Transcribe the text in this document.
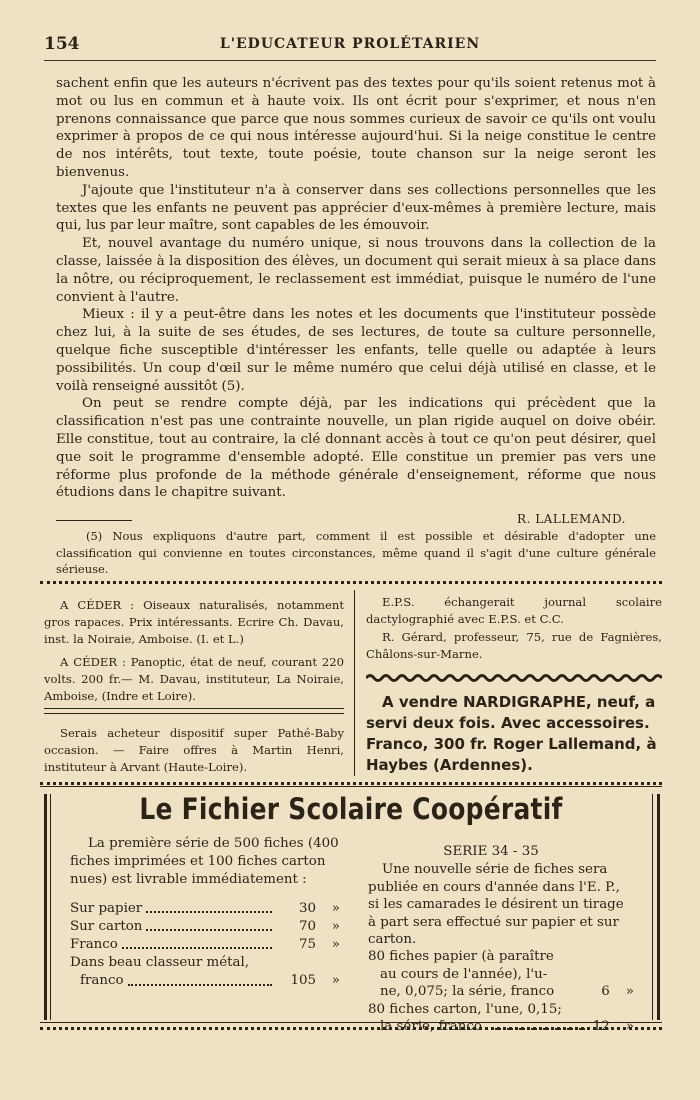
154	L'EDUCATEUR PROLÉTARIEN

sachent enfin que les auteurs n'écrivent pas des textes pour qu'ils soient retenus mot à mot ou lus en commun et à haute voix. Ils ont écrit pour s'exprimer, et nous n'en prenons connaissance que parce que nous sommes curieux de savoir ce qu'ils ont voulu exprimer à propos de ce qui nous intéresse aujourd'hui. Si la neige constitue le centre de nos intérêts, tout texte, toute poésie, toute chanson sur la neige seront les bienvenus.

J'ajoute que l'instituteur n'a à conserver dans ses collections personnelles que les textes que les enfants ne peuvent pas apprécier d'eux-mêmes à première lecture, mais qui, lus par leur maître, sont capables de les émouvoir.

Et, nouvel avantage du numéro unique, si nous trouvons dans la collection de la classe, laissée à la disposition des élèves, un document qui serait mieux à sa place dans la nôtre, ou réciproquement, le reclassement est immédiat, puisque le numéro de l'une convient à l'autre.

Mieux : il y a peut-être dans les notes et les documents que l'instituteur possède chez lui, à la suite de ses études, de ses lectures, de toute sa culture personnelle, quelque fiche susceptible d'intéresser les enfants, telle quelle ou adaptée à leurs possibilités. Un coup d'œil sur le même numéro que celui déjà utilisé en classe, et le voilà renseigné aussitôt (5).

On peut se rendre compte déjà, par les indications qui précèdent que la classification n'est pas une contrainte nouvelle, un plan rigide auquel on doive obéir. Elle constitue, tout au contraire, la clé donnant accès à tout ce qu'on peut désirer, quel que soit le programme d'ensemble adopté. Elle constitue un premier pas vers une réforme plus profonde de la méthode générale d'enseignement, réforme que nous étudions dans le chapitre suivant.

R. LALLEMAND.

(5) Nous expliquons d'autre part, comment il est possible et désirable d'adopter une classification qui convienne en toutes circonstances, même quand il s'agit d'une culture générale sérieuse.

A CÉDER : Oiseaux naturalisés, notamment gros rapaces. Prix intéressants. Ecrire Ch. Davau, inst. la Noiraie, Amboise. (I. et L.)

A CÉDER : Panoptic, état de neuf, courant 220 volts. 200 fr.— M. Davau, instituteur, La Noiraie, Amboise, (Indre et Loire).

Serais acheteur dispositif super Pathé-Baby occasion. — Faire offres à Martin Henri, instituteur à Arvant (Haute-Loire).

E.P.S. échangerait journal scolaire dactylographié avec E.P.S. et C.C.

R. Gérard, professeur, 75, rue de Fagnières, Châlons-sur-Marne.

A vendre NARDIGRAPHE, neuf, a servi deux fois. Avec accessoires. Franco, 300 fr. Roger Lallemand, à Haybes (Ardennes).
Le Fichier Scolaire Coopératif

La première série de 500 fiches (400 fiches imprimées et 100 fiches carton nues) est livrable immédiatement :

Sur papier	30	»
Sur carton	70	»
Franco	75	»
Dans beau classeur métal,
franco	105	»
SERIE 34 - 35

Une nouvelle série de fiches sera publiée en cours d'année dans l'E. P., si les camarades le désirent un tirage à part sera effectué sur papier et sur carton.

80 fiches papier (à paraître
au cours de l'année), l'u-
ne, 0,075; la série, franco	6 »
80 fiches carton, l'une, 0,15;
la série, franco	12 »
